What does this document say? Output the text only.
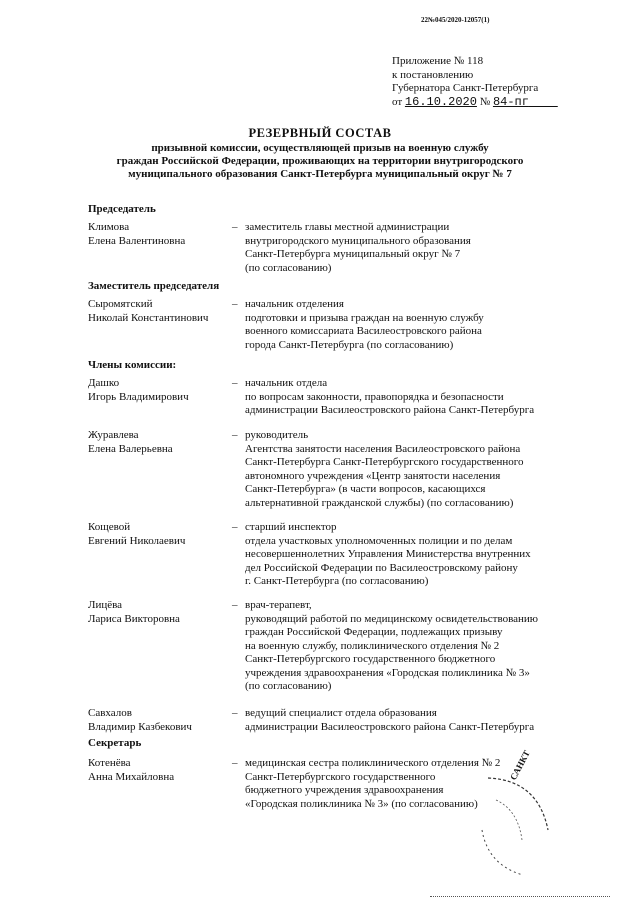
22№045/2020-12057(1)
Приложение № 118
к постановлению
Губернатора Санкт-Петербурга
от 16.10.2020 № 84-пг
РЕЗЕРВНЫЙ СОСТАВ
призывной комиссии, осуществляющей призыв на военную службу
граждан Российской Федерации, проживающих на территории внутригородского
муниципального образования Санкт-Петербурга муниципальный округ № 7
Председатель
Климова
Елена Валентиновна
– заместитель главы местной администрации
внутригородского муниципального образования
Санкт-Петербурга муниципальный округ № 7
(по согласованию)
Заместитель председателя
Сыромятский
Николай Константинович
– начальник отделения
подготовки и призыва граждан на военную службу
военного комиссариата Василеостровского района
города Санкт-Петербурга (по согласованию)
Члены комиссии:
Дашко
Игорь Владимирович
– начальник отдела
по вопросам законности, правопорядка и безопасности
администрации Василеостровского района Санкт-Петербурга
Журавлева
Елена Валерьевна
– руководитель
Агентства занятости населения Василеостровского района
Санкт-Петербурга Санкт-Петербургского государственного
автономного учреждения «Центр занятости населения
Санкт-Петербурга» (в части вопросов, касающихся
альтернативной гражданской службы) (по согласованию)
Кощевой
Евгений Николаевич
– старший инспектор
отдела участковых уполномоченных полиции и по делам
несовершеннолетних Управления Министерства внутренних
дел Российской Федерации по Василеостровскому району
г. Санкт-Петербурга (по согласованию)
Лицёва
Лариса Викторовна
– врач-терапевт,
руководящий работой по медицинскому освидетельствованию
граждан Российской Федерации, подлежащих призыву
на военную службу, поликлинического отделения № 2
Санкт-Петербургского государственного бюджетного
учреждения здравоохранения «Городская поликлиника № 3»
(по согласованию)
Савхалов
Владимир Казбекович
– ведущий специалист отдела образования
администрации Василеостровского района Санкт-Петербурга
Секретарь
Котенёва
Анна Михайловна
– медицинская сестра поликлинического отделения № 2
Санкт-Петербургского государственного
бюджетного учреждения здравоохранения
«Городская поликлиника № 3» (по согласованию)
САНКТ
